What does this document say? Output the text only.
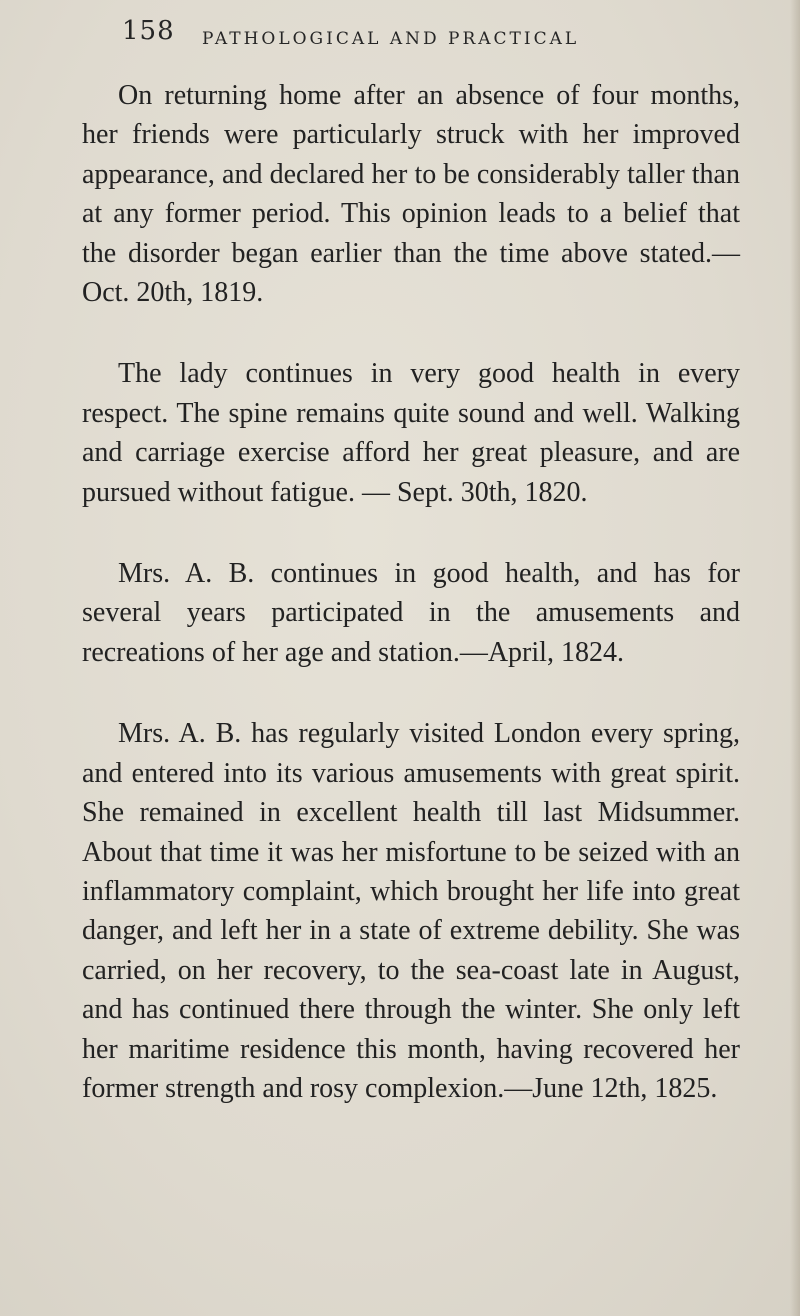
158 PATHOLOGICAL AND PRACTICAL

On returning home after an absence of four months, her friends were particularly struck with her improved appearance, and declared her to be considerably taller than at any former period. This opinion leads to a belief that the disorder began earlier than the time above stated.—Oct. 20th, 1819.

The lady continues in very good health in every respect. The spine remains quite sound and well. Walking and carriage exercise afford her great pleasure, and are pursued without fatigue. — Sept. 30th, 1820.

Mrs. A. B. continues in good health, and has for several years participated in the amusements and recreations of her age and station.—April, 1824.

Mrs. A. B. has regularly visited London every spring, and entered into its various amusements with great spirit. She remained in excellent health till last Midsummer. About that time it was her misfortune to be seized with an inflammatory complaint, which brought her life into great danger, and left her in a state of extreme debility. She was carried, on her recovery, to the sea-coast late in August, and has continued there through the winter. She only left her maritime residence this month, having recovered her former strength and rosy complexion.—June 12th, 1825.
